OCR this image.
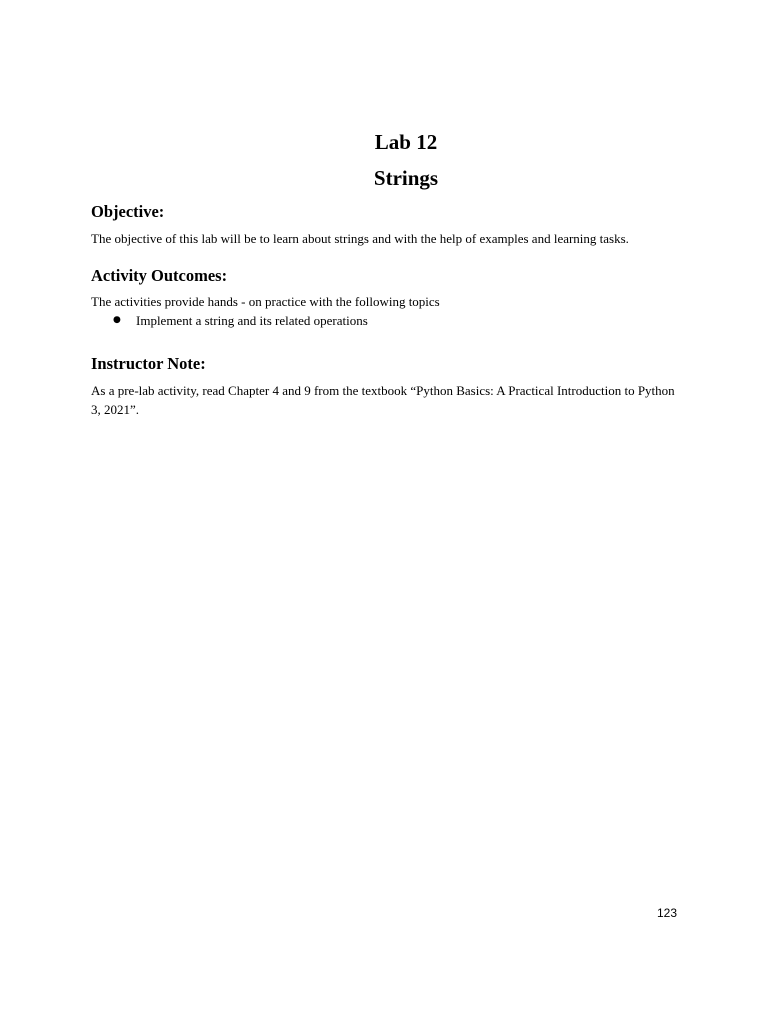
Lab 12
Strings
Objective:

The objective of this lab will be to learn about strings and with the help of examples and learning tasks.

Activity Outcomes:

The activities provide hands - on practice with the following topics

● Implement a string and its related operations
Instructor Note:

As a pre-lab activity, read Chapter 4 and 9 from the textbook “Python Basics: A Practical Introduction to Python 3, 2021”.

123
